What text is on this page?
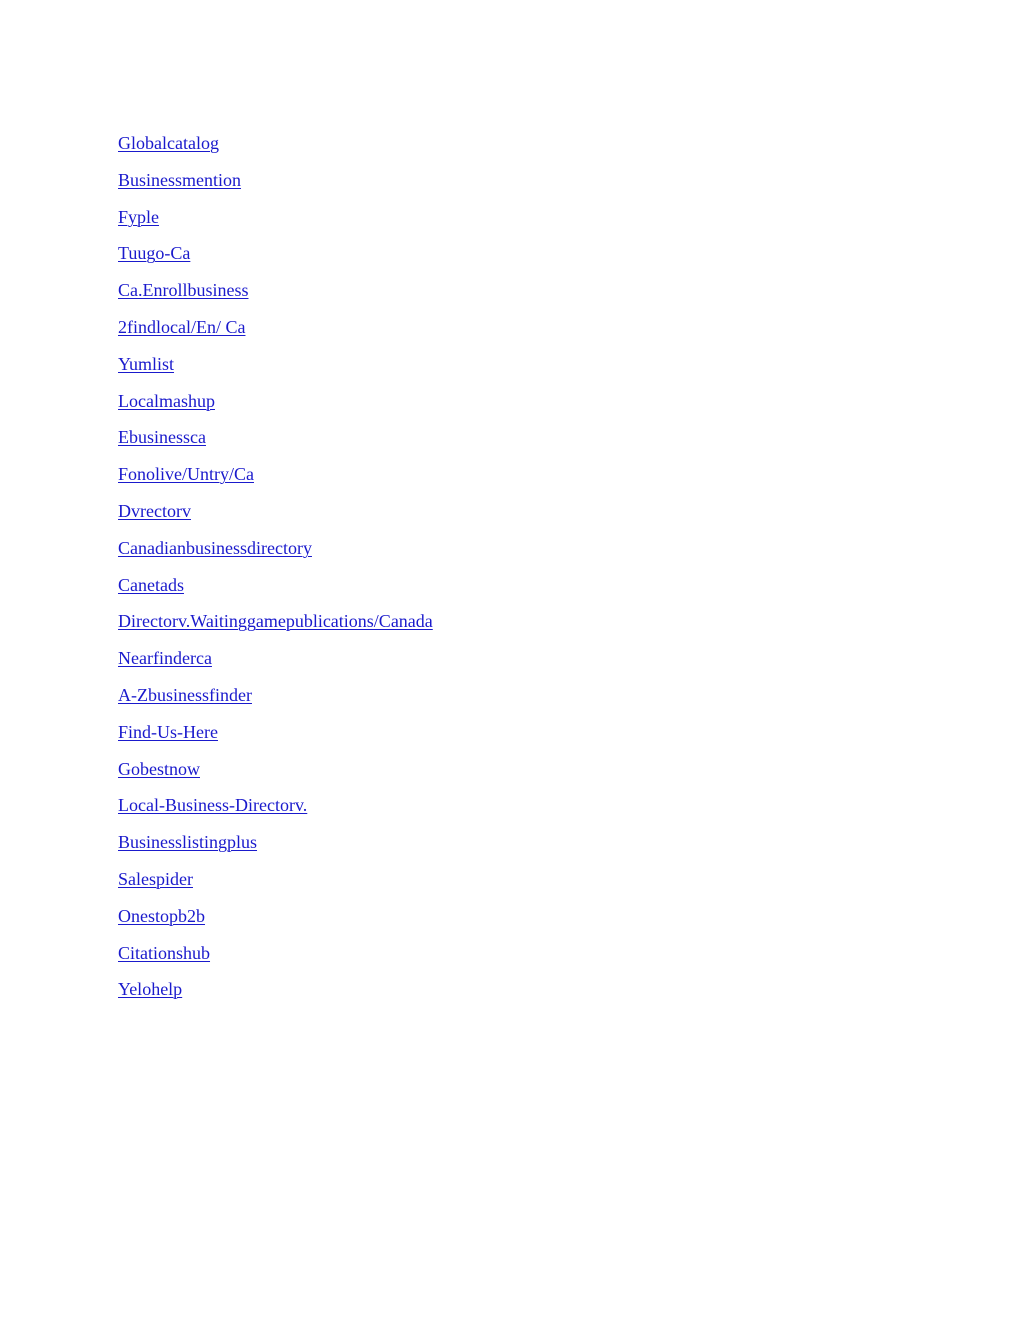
Globalcatalog
Businessmention
Fyple
Tuugo-Ca
Ca.Enrollbusiness
2findlocal/En/ Ca
Yumlist
Localmashup
Ebusinessca
Fonolive/Untry/Ca
Dvrectorv
Canadianbusinessdirectory
Canetads
Directorv.Waitinggamepublications/Canada
Nearfinderca
A-Zbusinessfinder
Find-Us-Here
Gobestnow
Local-Business-Directorv.
Businesslistingplus
Salespider
Onestopb2b
Citationshub
Yelohelp
